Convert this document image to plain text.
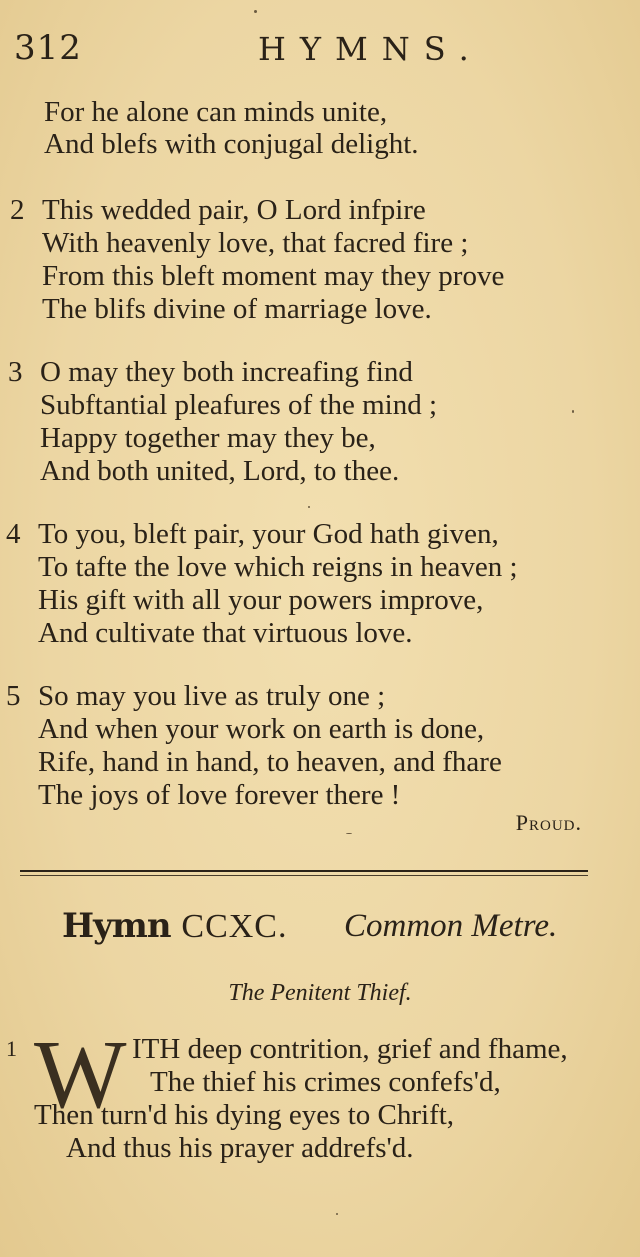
312	HYMNS.
For he alone can minds unite,
And blefs with conjugal delight.
2 This wedded pair, O Lord infpire
With heavenly love, that facred fire ;
From this bleft moment may they prove
The blifs divine of marriage love.
3 O may they both increafing find
Subftantial pleafures of the mind ;
Happy together may they be,
And both united, Lord, to thee.
4 To you, bleft pair, your God hath given,
To tafte the love which reigns in heaven ;
His gift with all your powers improve,
And cultivate that virtuous love.
5 So may you live as truly one ;
And when your work on earth is done,
Rife, hand in hand, to heaven, and fhare
The joys of love forever there !
Proud.
Hymn CCXC. Common Metre.
The Penitent Thief.
1 W ITH deep contrition, grief and fhame,
The thief his crimes confefs'd,
Then turn'd his dying eyes to Chrift,
And thus his prayer addrefs'd.
